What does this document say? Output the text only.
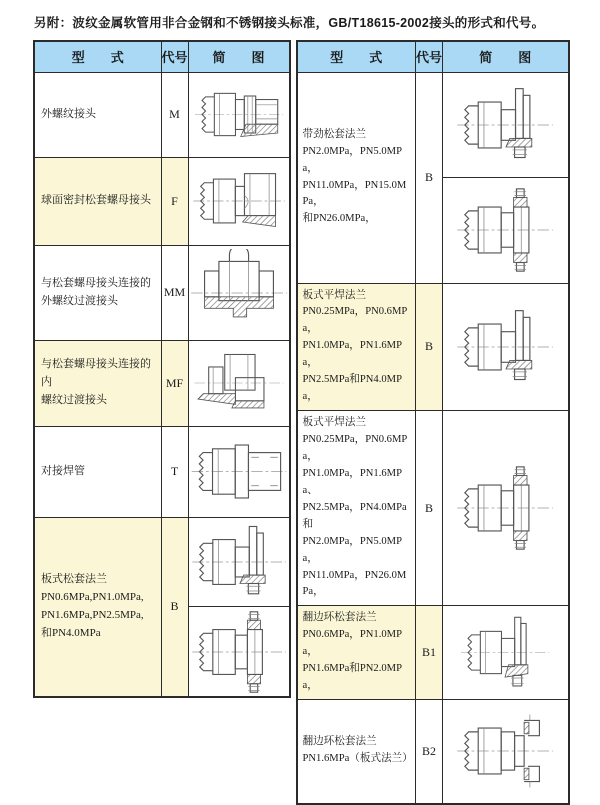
另附：波纹金属软管用非合金钢和不锈钢接头标准，GB/T18615-2002接头的形式和代号。
型　　式	代号	简　　图

外螺纹接头	M	

球面密封松套螺母接头	F	

与松套螺母接头连接的
外螺纹过渡接头	MM	

与松套螺母接头连接的内
螺纹过渡接头	MF	

对接焊管	T	

板式松套法兰
PN0.6MPa,PN1.0MPa,
PN1.6MPa,PN2.5MPa,
和PN4.0MPa	B	
型　　式	代号	简　　图

带劲松套法兰
PN2.0MPa，PN5.0MPa，
PN11.0MPa，PN15.0MPa，
和PN26.0MPa，	B	

板式平焊法兰
PN0.25MPa，PN0.6MPa，
PN1.0MPa，PN1.6MPa，
PN2.5MPa和PN4.0MPa，	B	

板式平焊法兰
PN0.25MPa，PN0.6MPa，
PN1.0MPa，PN1.6MPa、
PN2.5MPa，PN4.0MPa和
PN2.0MPa，PN5.0MPa，
PN11.0MPa，PN26.0MPa，
	B	

翻边环松套法兰
PN0.6MPa，PN1.0MPa，
PN1.6MPa和PN2.0MPa，	B1	

翻边环松套法兰
PN1.6MPa（板式法兰）	B2	
